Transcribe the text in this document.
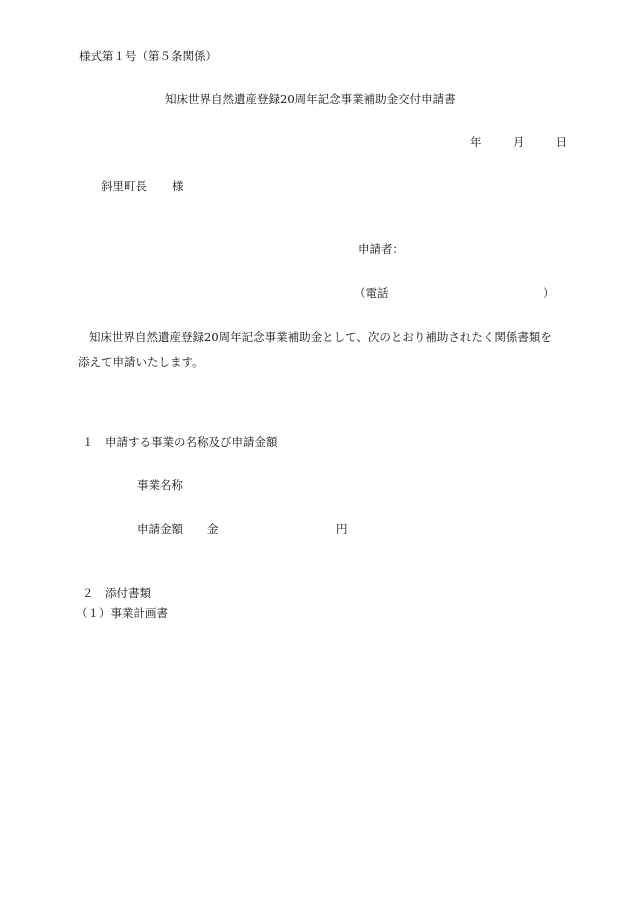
様式第１号（第５条関係）
知床世界自然遺産登録20周年記念事業補助金交付申請書
年	月	日
斜里町長 様
申請者：
（電話	）
知床世界自然遺産登録20周年記念事業補助金として、次のとおり補助されたく関係書類を添えて申請いたします。
１　申請する事業の名称及び申請金額
事業名称
申請金額 金	円
２　添付書類
（１）事業計画書
